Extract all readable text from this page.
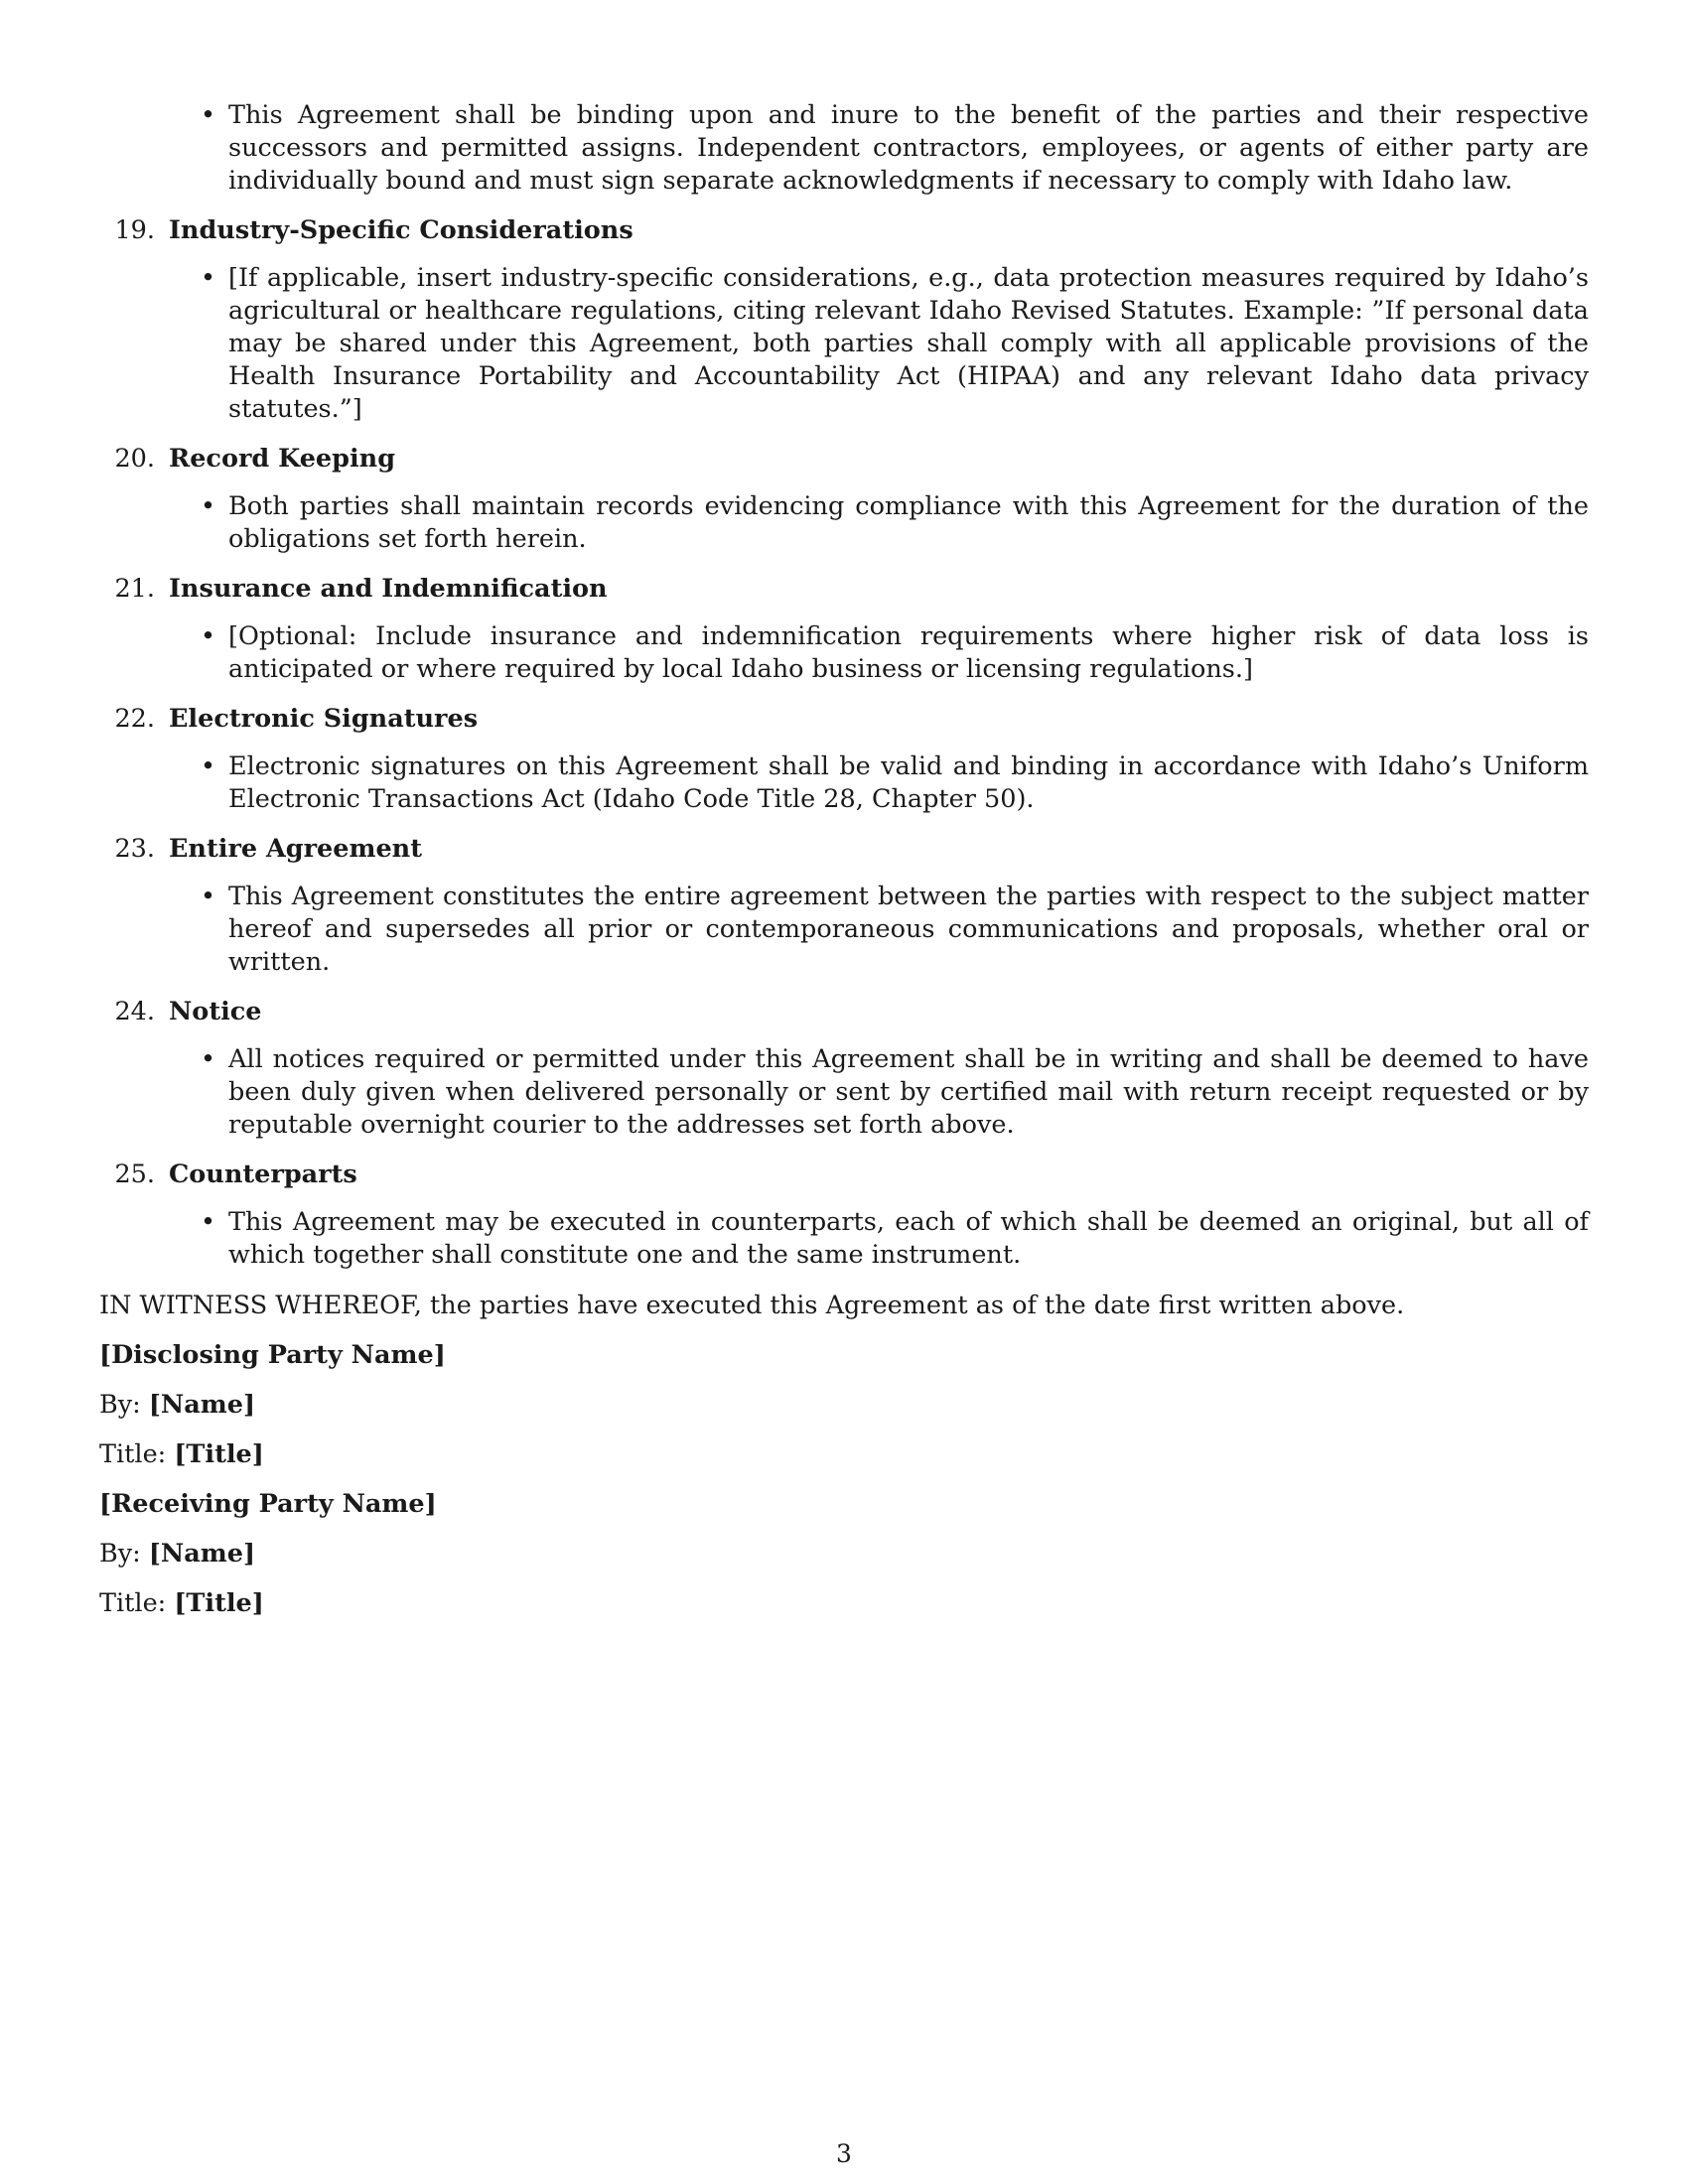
• This Agreement shall be binding upon and inure to the benefit of the parties and their respective successors and permitted assigns. Independent contractors, employees, or agents of either party are individually bound and must sign separate acknowledgments if necessary to comply with Idaho law.
19. Industry-Specific Considerations
• [If applicable, insert industry-specific considerations, e.g., data protection measures required by Idaho’s agricultural or healthcare regulations, citing relevant Idaho Revised Statutes. Example: ”If personal data may be shared under this Agreement, both parties shall comply with all applicable provisions of the Health Insurance Portability and Accountability Act (HIPAA) and any relevant Idaho data privacy statutes.”]
20. Record Keeping
• Both parties shall maintain records evidencing compliance with this Agreement for the duration of the obligations set forth herein.
21. Insurance and Indemnification
• [Optional: Include insurance and indemnification requirements where higher risk of data loss is anticipated or where required by local Idaho business or licensing regulations.]
22. Electronic Signatures
• Electronic signatures on this Agreement shall be valid and binding in accordance with Idaho’s Uniform Electronic Transactions Act (Idaho Code Title 28, Chapter 50).
23. Entire Agreement
• This Agreement constitutes the entire agreement between the parties with respect to the subject matter hereof and supersedes all prior or contemporaneous communications and proposals, whether oral or written.
24. Notice
• All notices required or permitted under this Agreement shall be in writing and shall be deemed to have been duly given when delivered personally or sent by certified mail with return receipt requested or by reputable overnight courier to the addresses set forth above.
25. Counterparts
• This Agreement may be executed in counterparts, each of which shall be deemed an original, but all of which together shall constitute one and the same instrument.
IN WITNESS WHEREOF, the parties have executed this Agreement as of the date first written above.
[Disclosing Party Name]
By: [Name]
Title: [Title]
[Receiving Party Name]
By: [Name]
Title: [Title]
3
